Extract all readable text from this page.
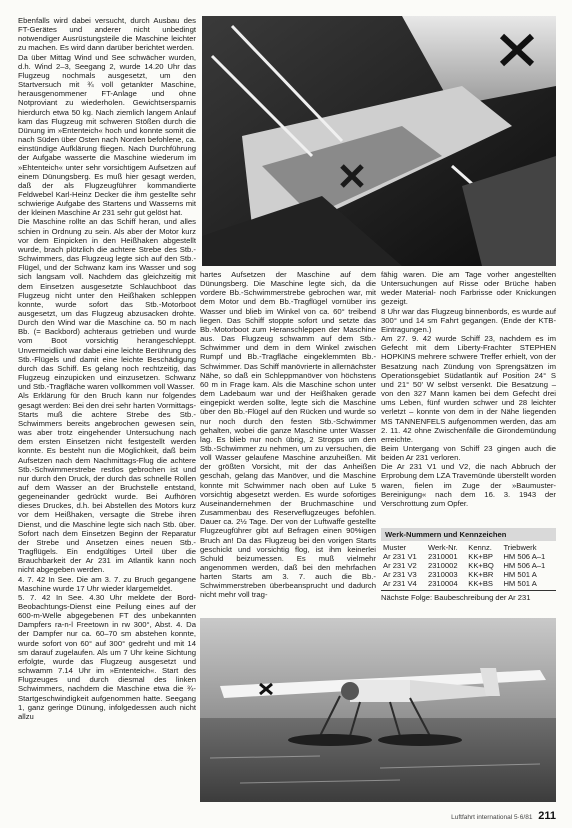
Ebenfalls wird dabei versucht, durch Ausbau des FT-Gerätes und anderer nicht unbedingt notwendiger Ausrüstungsteile die Maschine leichter zu machen. Es wird dann darüber berichtet werden.

Da über Mittag Wind und See schwächer wurden, d.h. Wind 2–3, Seegang 2, wurde 14.20 Uhr das Flugzeug nochmals ausgesetzt, um den Startversuch mit ¾ voll getankter Maschine, herausgenommener FT-Anlage und ohne Notproviant zu wiederholen. Gewichtsersparnis hierdurch etwa 50 kg. Nach ziemlich langem Anlauf kam das Flugzeug mit schweren Stößen durch die Dünung im »Ententeich« hoch und konnte somit die nach Süden über Osten nach Norden befohlene, ca. einstündige Aufklärung fliegen. Nach Durchführung der Aufgabe wasserte die Maschine wiederum im »Ehtenteich« unter sehr vorsichtigem Aufsetzen auf einem Dünungsberg. Es muß hier gesagt werden, daß der als Flugzeugführer kommandierte Feldwebel Karl-Heinz Decker die ihm gestellte sehr schwierige Aufgabe des Startens und Wasserns mit der kleinen Maschine Ar 231 sehr gut gelöst hat.

Die Maschine rollte an das Schiff heran, und alles schien in Ordnung zu sein. Als aber der Motor kurz vor dem Einpicken in den Heißhaken abgestellt wurde, brach plötzlich die achtere Strebe des Stb.-Schwimmers, das Flugzeug legte sich auf den Stb.-Flügel, und der Schwanz kam ins Wasser und sog sich langsam voll. Nachdem das gleichzeitig mit dem Einsetzen ausgesetzte Schlauchboot das Flugzeug nicht unter den Heißhaken schleppen konnte, wurde sofort das Stb.-Motorboot ausgesetzt, um das Flugzeug abzusacken drohte. Durch den Wind war die Maschine ca. 50 m nach Bb. (= Backbord) achteraus getrieben und wurde vom Boot vorsichtig herangeschleppt. Unvermeidlich war dabei eine leichte Berührung des Stb.-Flügels und damit eine leichte Beschädigung durch das Schiff. Es gelang noch rechtzeitig, das Flugzeug einzupicken und einzusetzen. Schwanz und Stb.-Tragfläche waren vollkommen voll Wasser.

Als Erklärung für den Bruch kann nur folgendes gesagt werden: Bei den drei sehr harten Vormittags-Starts muß die achtere Strebe des Stb.-Schwimmers bereits angebrochen gewesen sein, was aber trotz eingehender Untersuchung nach dem ersten Einsetzen nicht festgestellt werden konnte. Es besteht nun die Möglichkeit, daß beim Aufsetzen nach dem Nachmittags-Flug die achtere Stb.-Schwimmerstrebe restlos gebrochen ist und nur durch den Druck, der durch das schnelle Rollen auf dem Wasser an der Bruchstelle entstand, gegeneinander gedrückt wurde. Bei Aufhören dieses Druckes, d.h. bei Abstellen des Motors kurz vor dem Heißhaken, versagte die Strebe ihren Dienst, und die Maschine legte sich nach Stb. über. Sofort nach dem Einsetzen Beginn der Reparatur der Strebe und Ansetzen eines neuen Stb.-Tragflügels. Ein endgültiges Urteil über die Brauchbarkeit der Ar 231 im Atlantik kann noch nicht abgegeben werden.

4. 7. 42 In See. Die am 3. 7. zu Bruch gegangene Maschine wurde 17 Uhr wieder klargemeldet.

5. 7. 42 In See. 4.30 Uhr meldete der Bord-Beobachtungs-Dienst eine Peilung eines auf der 600-m-Welle abgegebenen FT des unbekannten Dampfers ra-n-l Freetown in rw 300°, Abst. 4. Da der Dampfer nur ca. 60–70 sm abstehen konnte, wurde sofort von 60° auf 300° gedreht und mit 14 sm darauf zugelaufen. Als um 7 Uhr keine Sichtung erfolgte, wurde das Flugzeug ausgesetzt und schwamm 7.14 Uhr im »Ententeich«. Start des Flugzeuges und durch diesmal des linken Schwimmers, nachdem die Maschine etwa die ¾-Startgeschwindigkeit aufgenommen hatte. Seegang 1, ganz geringe Dünung, infolgedessen auch nicht allzu

hartes Aufsetzen der Maschine auf dem Dünungsberg. Die Maschine legte sich, da die vordere Bb.-Schwimmerstrebe gebrochen war, mit dem Motor und dem Bb.-Tragflügel vornüber ins Wasser und blieb im Winkel von ca. 60° treibend liegen. Das Schiff stoppte sofort und setzte das Bb.-Motorboot zum Heranschleppen der Maschine aus. Das Flugzeug schwamm auf dem Stb.-Schwimmer und dem in dem Winkel zwischen Rumpf und Bb.-Tragfläche eingeklemmten Bb.-Schwimmer. Das Schiff manövrierte in allernächster Nähe, so daß ein Schleppmanöver von höchstens 60 m in Frage kam. Als die Maschine schon unter dem Ladebaum war und der Heißhaken gerade eingepickt werden sollte, legte sich die Maschine über den Bb.-Flügel auf den Rücken und wurde so nur noch durch den festen Stb.-Schwimmer gehalten, wobei die ganze Maschine unter Wasser lag. Es blieb nur noch übrig, 2 Stropps um den Stb.-Schwimmer zu nehmen, um zu versuchen, die voll Wasser gelaufene Maschine anzuheißen. Mit der größten Vorsicht, mit der das Anheißen geschah, gelang das Manöver, und die Maschine konnte mit Schwimmer nach oben auf Luke 5 vorsichtig abgesetzt werden. Es wurde sofortiges Auseinandernehmen der Bruchmaschine und Zusammenbau des Reserveflugzeuges befohlen. Dauer ca. 2½ Tage. Der von der Luftwaffe gestellte Flugzeugführer gibt auf Befragen einen 90%igen Bruch an! Da das Flugzeug bei den vorigen Starts geschickt und vorsichtig flog, ist ihm keinerlei Schuld beizumessen. Es muß vielmehr angenommen werden, daß bei den mehrfachen harten Starts am 3. 7. auch die Bb.-Schwimmerstreben überbeansprucht und dadurch nicht mehr voll trag-

fähig waren. Die am Tage vorher angestellten Untersuchungen auf Risse oder Brüche haben weder Material- noch Farbrisse oder Knickungen gezeigt.

8 Uhr war das Flugzeug binnenbords, es wurde auf 300° und 14 sm Fahrt gegangen. (Ende der KTB-Eintragungen.)

Am 27. 9. 42 wurde Schiff 23, nachdem es im Gefecht mit dem Liberty-Frachter STEPHEN HOPKINS mehrere schwere Treffer erhielt, von der Besatzung nach Zündung von Sprengsätzen im Operationsgebiet Südatlantik auf Position 24° S und 21° 50' W selbst versenkt. Die Besatzung – von den 327 Mann kamen bei dem Gefecht drei ums Leben, fünf wurden schwer und 28 leichter verletzt – konnte von dem in der Nähe liegenden MS TANNENFELS aufgenommen werden, das am 2. 11. 42 ohne Zwischenfälle die Girondemündung erreichte.

Beim Untergang von Schiff 23 gingen auch die beiden Ar 231 verloren.

Die Ar 231 V1 und V2, die nach Abbruch der Erprobung dem LZA Travemünde überstellt worden waren, fielen im Zuge der »Baumuster-Bereinigung« nach dem 16. 3. 1943 der Verschrottung zum Opfer.

Werk-Nummern und Kennzeichen
Muster	Werk-Nr.	Kennz.	Triebwerk
Ar 231 V1	2310001	KK+BP	HM 506 A–1
Ar 231 V2	2310002	KK+BQ	HM 506 A–1
Ar 231 V3	2310003	KK+BR	HM 501 A
Ar 231 V4	2310004	KK+BS	HM 501 A
Nächste Folge: Baubeschreibung der Ar 231
Luftfahrt international 5·6/81 211
